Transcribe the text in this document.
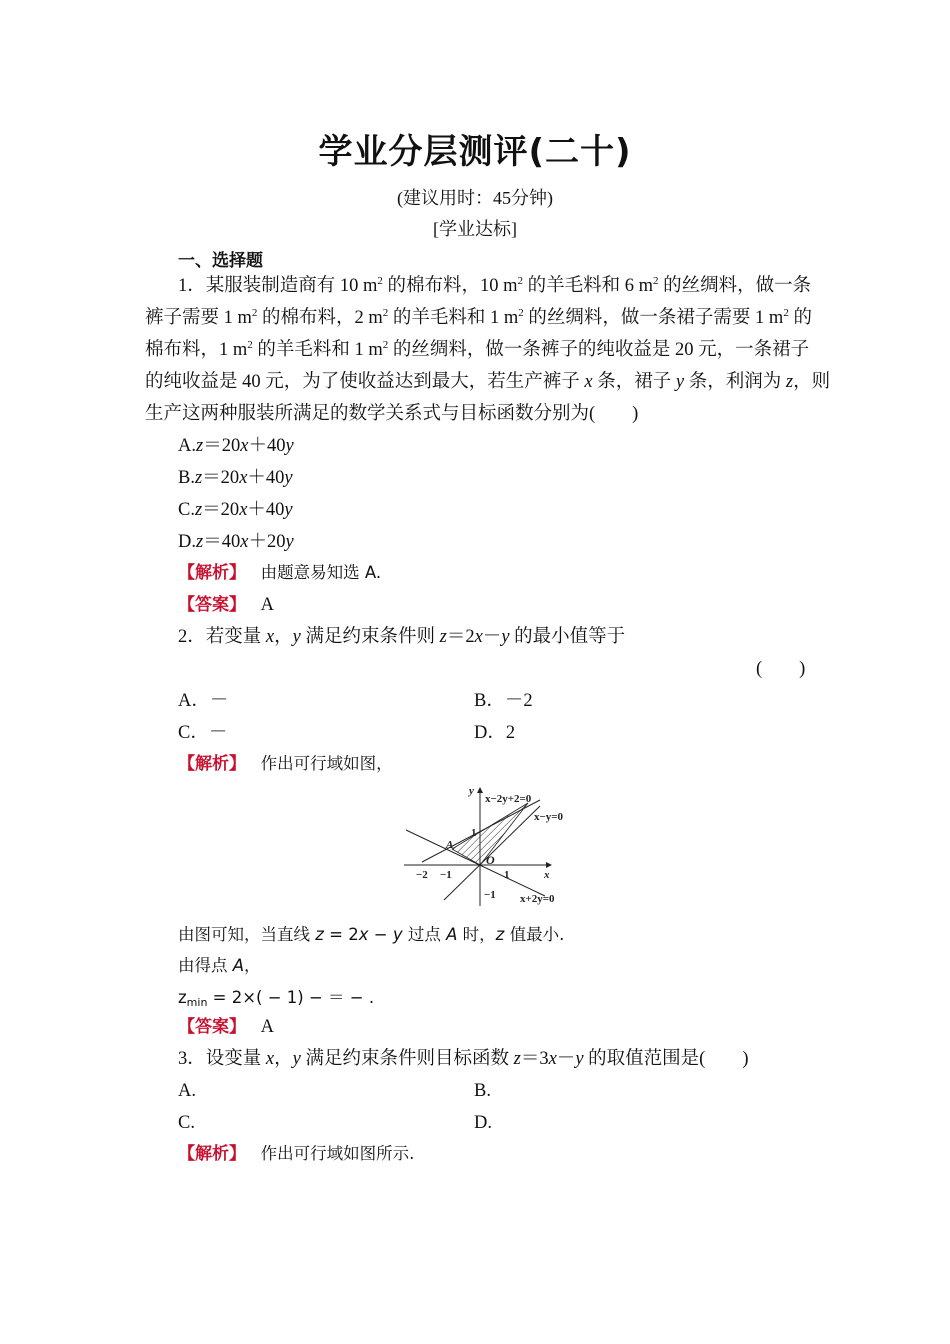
学业分层测评(二十)
(建议用时：45分钟)
[学业达标]
一、选择题
1．某服装制造商有 10 $m^2$ 的棉布料，10 $m^2$ 的羊毛料和 6 $m^2$ 的丝绸料，做一条
裤子需要 1 $m^2$ 的棉布料，2 $m^2$ 的羊毛料和 1 $m^2$ 的丝绸料，做一条裙子需要 1 $m^2$ 的
棉布料，1 $m^2$ 的羊毛料和 1 $m^2$ 的丝绸料，做一条裤子的纯收益是 20 元，一条裙子
的纯收益是 40 元，为了使收益达到最大，若生产裤子 x 条，裙子 y 条，利润为 z，则
生产这两种服装所满足的数学关系式与目标函数分别为(　　)
A.z＝20x＋40y
B.z＝20x＋40y
C.z＝20x＋40y
D.z＝40x＋20y
【解析】 由题意易知选 A.
【答案】 A
2．若变量 x，y 满足约束条件则 z＝2x－y 的最小值等于
(　　)
A．－	B．－2
C．－	D．2
【解析】 作出可行域如图，
x−2y+2=0
x−y=0
x+2y=0
x
y
O
A
−2 −1	1
1
−1
由图可知，当直线 z = 2x − y 过点 A 时，z 值最小.
由得点 A，
$z_{min} = 2\times( - 1)$ − ＝ − .
【答案】 A
3．设变量 x，y 满足约束条件则目标函数 z＝3x－y 的取值范围是(　　)
A.	B.
C.	D.
【解析】 作出可行域如图所示.
